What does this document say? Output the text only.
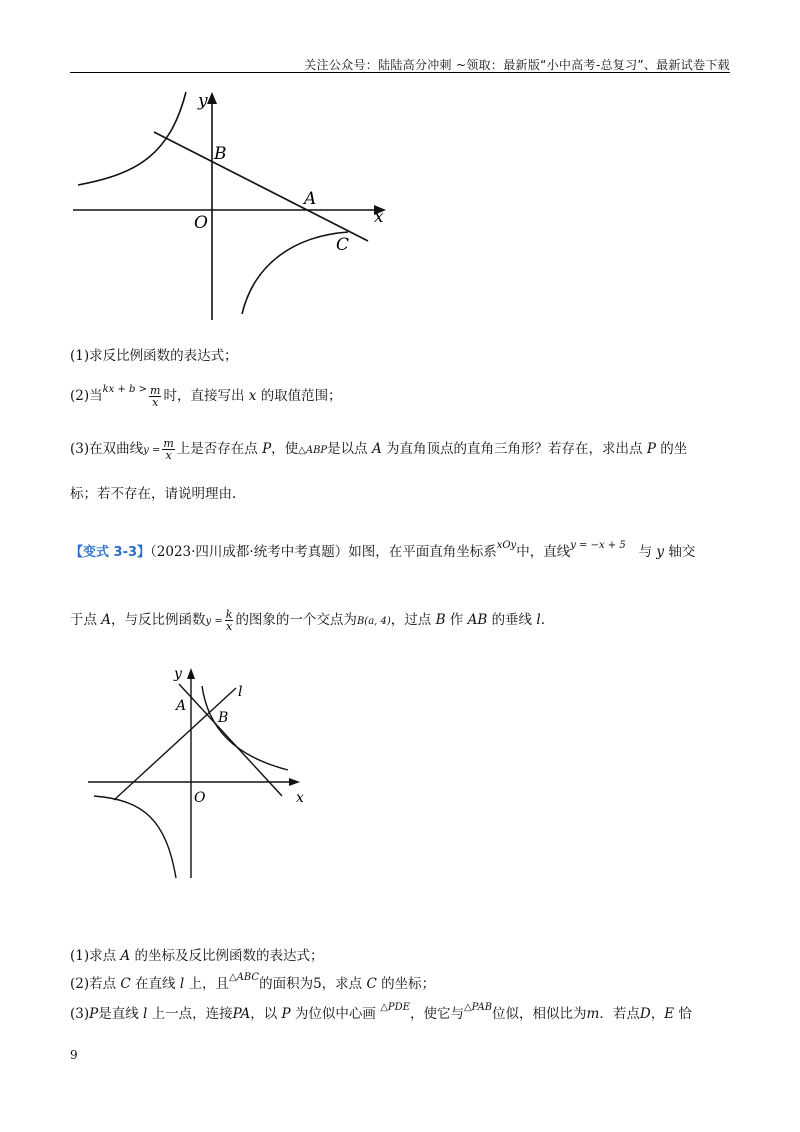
关注公众号：陆陆高分冲刺 ~领取：最新版“小中高考-总复习”、最新试卷下载
y
B
A
x
O
C
(1)求反比例函数的表达式；
(2)当$^{kx + b >} \frac{m}{x}$ 时，直接写出 x 的取值范围；
(3)在双曲线$y = \frac{m}{x}$ 上是否存在点 P，使△ABP是以点 A 为直角顶点的直角三角形？若存在，求出点 P 的坐
标；若不存在，请说明理由.
【变式 3-3】（2023·四川成都·统考中考真题）如图，在平面直角坐标系$^{xOy}$中，直线$^{y = -x + 5}$ 与 y 轴交
于点 A，与反比例函数$y = \frac{k}{x}$ 的图象的一个交点为B(a, 4)，过点 B 作 AB 的垂线 l.
y
l
A
B
O	x
(1)求点 A 的坐标及反比例函数的表达式；
(2)若点 C 在直线 l 上，且$^{\triangle ABC}$的面积为5，求点 C 的坐标；
(3)P是直线 l 上一点，连接PA，以 P 为位似中心画 $^{\triangle PDE}$，使它与$^{\triangle PAB}$位似，相似比为m．若点D，E 恰
9
